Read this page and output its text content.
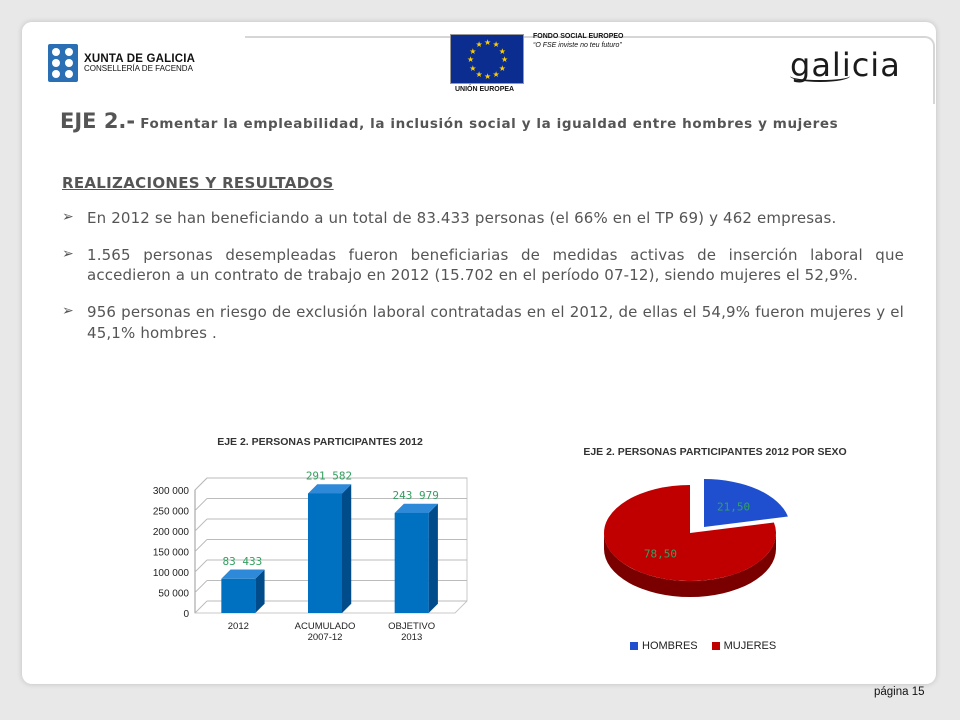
XUNTA DE GALICIA
CONSELLERÍA DE FACENDA
★
★
★
★
★
★
★
★
★ ★ ★
★
UNIÓN EUROPEA
FONDO SOCIAL EUROPEO
“O FSE inviste no teu futuro”
galicia
EJE 2.- Fomentar la empleabilidad, la inclusión social y la igualdad entre hombres y mujeres
REALIZACIONES Y RESULTADOS
➢ En 2012 se han beneficiando a un total de 83.433 personas (el 66% en el TP 69) y 462 empresas.
➢ 1.565 personas desempleadas fueron beneficiarias de medidas activas de inserción laboral que accedieron a un contrato de trabajo en 2012 (15.702 en el período 07-12), siendo mujeres el 52,9%.
➢ 956 personas en riesgo de exclusión laboral contratadas en el 2012, de ellas el 54,9% fueron mujeres y el 45,1% hombres .
EJE 2. PERSONAS PARTICIPANTES 2012
0
50 000
100 000
150 000
200 000
250 000
300 000
83 433
2012
291 582
ACUMULADO
2007-12
243 979
OBJETIVO
2013
EJE 2. PERSONAS PARTICIPANTES 2012 POR SEXO
21,50
78,50
HOMBRES MUJERES
página 15
